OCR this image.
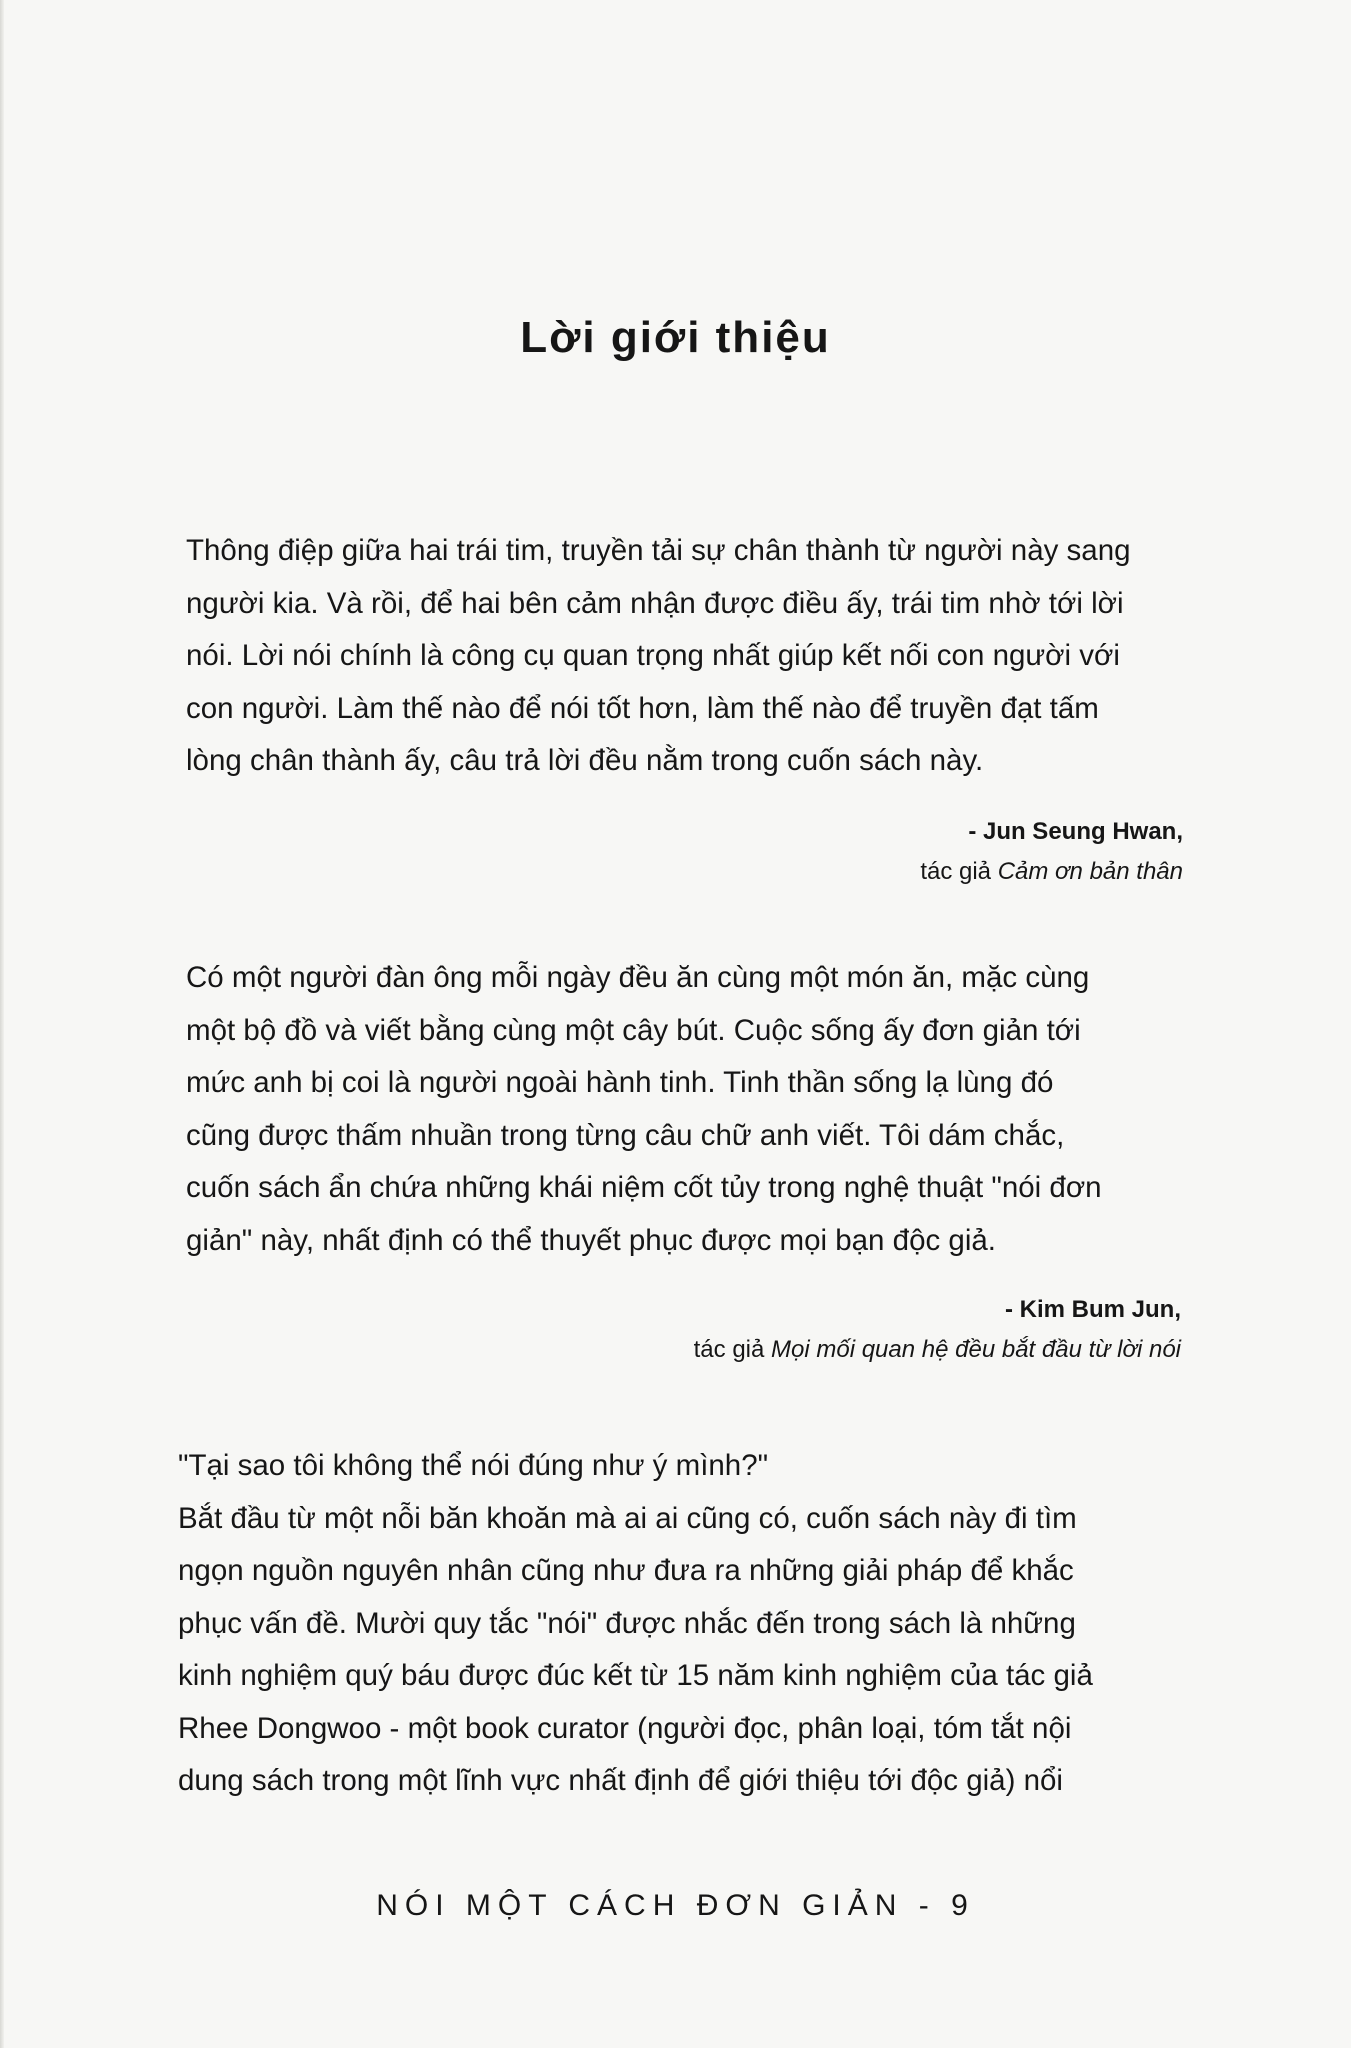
Lời giới thiệu

Thông điệp giữa hai trái tim, truyền tải sự chân thành từ người này sang
người kia. Và rồi, để hai bên cảm nhận được điều ấy, trái tim nhờ tới lời
nói. Lời nói chính là công cụ quan trọng nhất giúp kết nối con người với
con người. Làm thế nào để nói tốt hơn, làm thế nào để truyền đạt tấm
lòng chân thành ấy, câu trả lời đều nằm trong cuốn sách này.

- Jun Seung Hwan,
tác giả Cảm ơn bản thân

Có một người đàn ông mỗi ngày đều ăn cùng một món ăn, mặc cùng
một bộ đồ và viết bằng cùng một cây bút. Cuộc sống ấy đơn giản tới
mức anh bị coi là người ngoài hành tinh. Tinh thần sống lạ lùng đó
cũng được thấm nhuần trong từng câu chữ anh viết. Tôi dám chắc,
cuốn sách ẩn chứa những khái niệm cốt tủy trong nghệ thuật "nói đơn
giản" này, nhất định có thể thuyết phục được mọi bạn độc giả.

- Kim Bum Jun,
tác giả Mọi mối quan hệ đều bắt đầu từ lời nói

"Tại sao tôi không thể nói đúng như ý mình?"
Bắt đầu từ một nỗi băn khoăn mà ai ai cũng có, cuốn sách này đi tìm
ngọn nguồn nguyên nhân cũng như đưa ra những giải pháp để khắc
phục vấn đề. Mười quy tắc "nói" được nhắc đến trong sách là những
kinh nghiệm quý báu được đúc kết từ 15 năm kinh nghiệm của tác giả
Rhee Dongwoo - một book curator (người đọc, phân loại, tóm tắt nội
dung sách trong một lĩnh vực nhất định để giới thiệu tới độc giả) nổi

NÓI MỘT CÁCH ĐƠN GIẢN - 9
